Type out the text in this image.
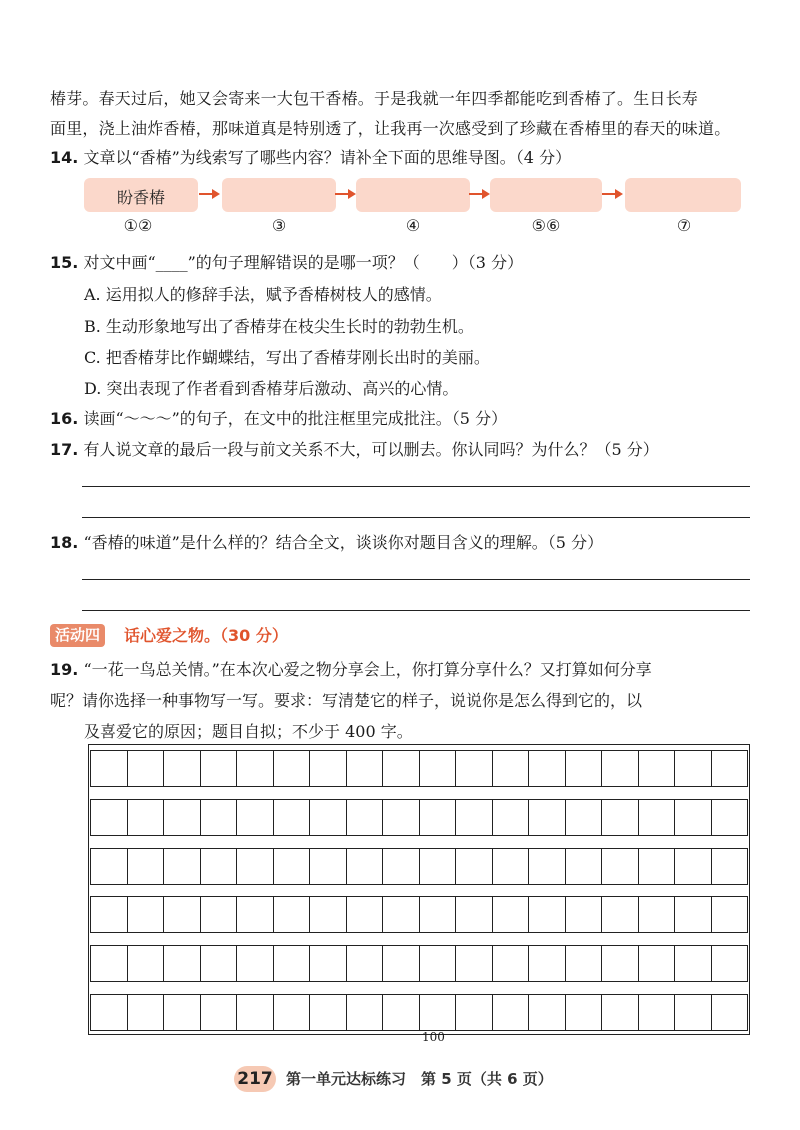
椿芽。春天过后，她又会寄来一大包干香椿。于是我就一年四季都能吃到香椿了。生日长寿
面里，浇上油炸香椿，那味道真是特别透了，让我再一次感受到了珍藏在香椿里的春天的味道。
14. 文章以“香椿”为线索写了哪些内容？请补全下面的思维导图。（4 分）
盼香椿
①②	③	④	⑤⑥	⑦
15. 对文中画“____”的句子理解错误的是哪一项？（　　）（3 分）
A. 运用拟人的修辞手法，赋予香椿树枝人的感情。
B. 生动形象地写出了香椿芽在枝尖生长时的勃勃生机。
C. 把香椿芽比作蝴蝶结，写出了香椿芽刚长出时的美丽。
D. 突出表现了作者看到香椿芽后激动、高兴的心情。
16. 读画“～～～”的句子，在文中的批注框里完成批注。（5 分）
17. 有人说文章的最后一段与前文关系不大，可以删去。你认同吗？为什么？（5 分）
18. “香椿的味道”是什么样的？结合全文，谈谈你对题目含义的理解。（5 分）
活动四	话心爱之物。（30 分）
19. “一花一鸟总关情。”在本次心爱之物分享会上，你打算分享什么？又打算如何分享
呢？请你选择一种事物写一写。要求：写清楚它的样子，说说你是怎么得到它的，以
及喜爱它的原因；题目自拟；不少于 400 字。
100
217 第一单元达标练习　第 5 页（共 6 页）
